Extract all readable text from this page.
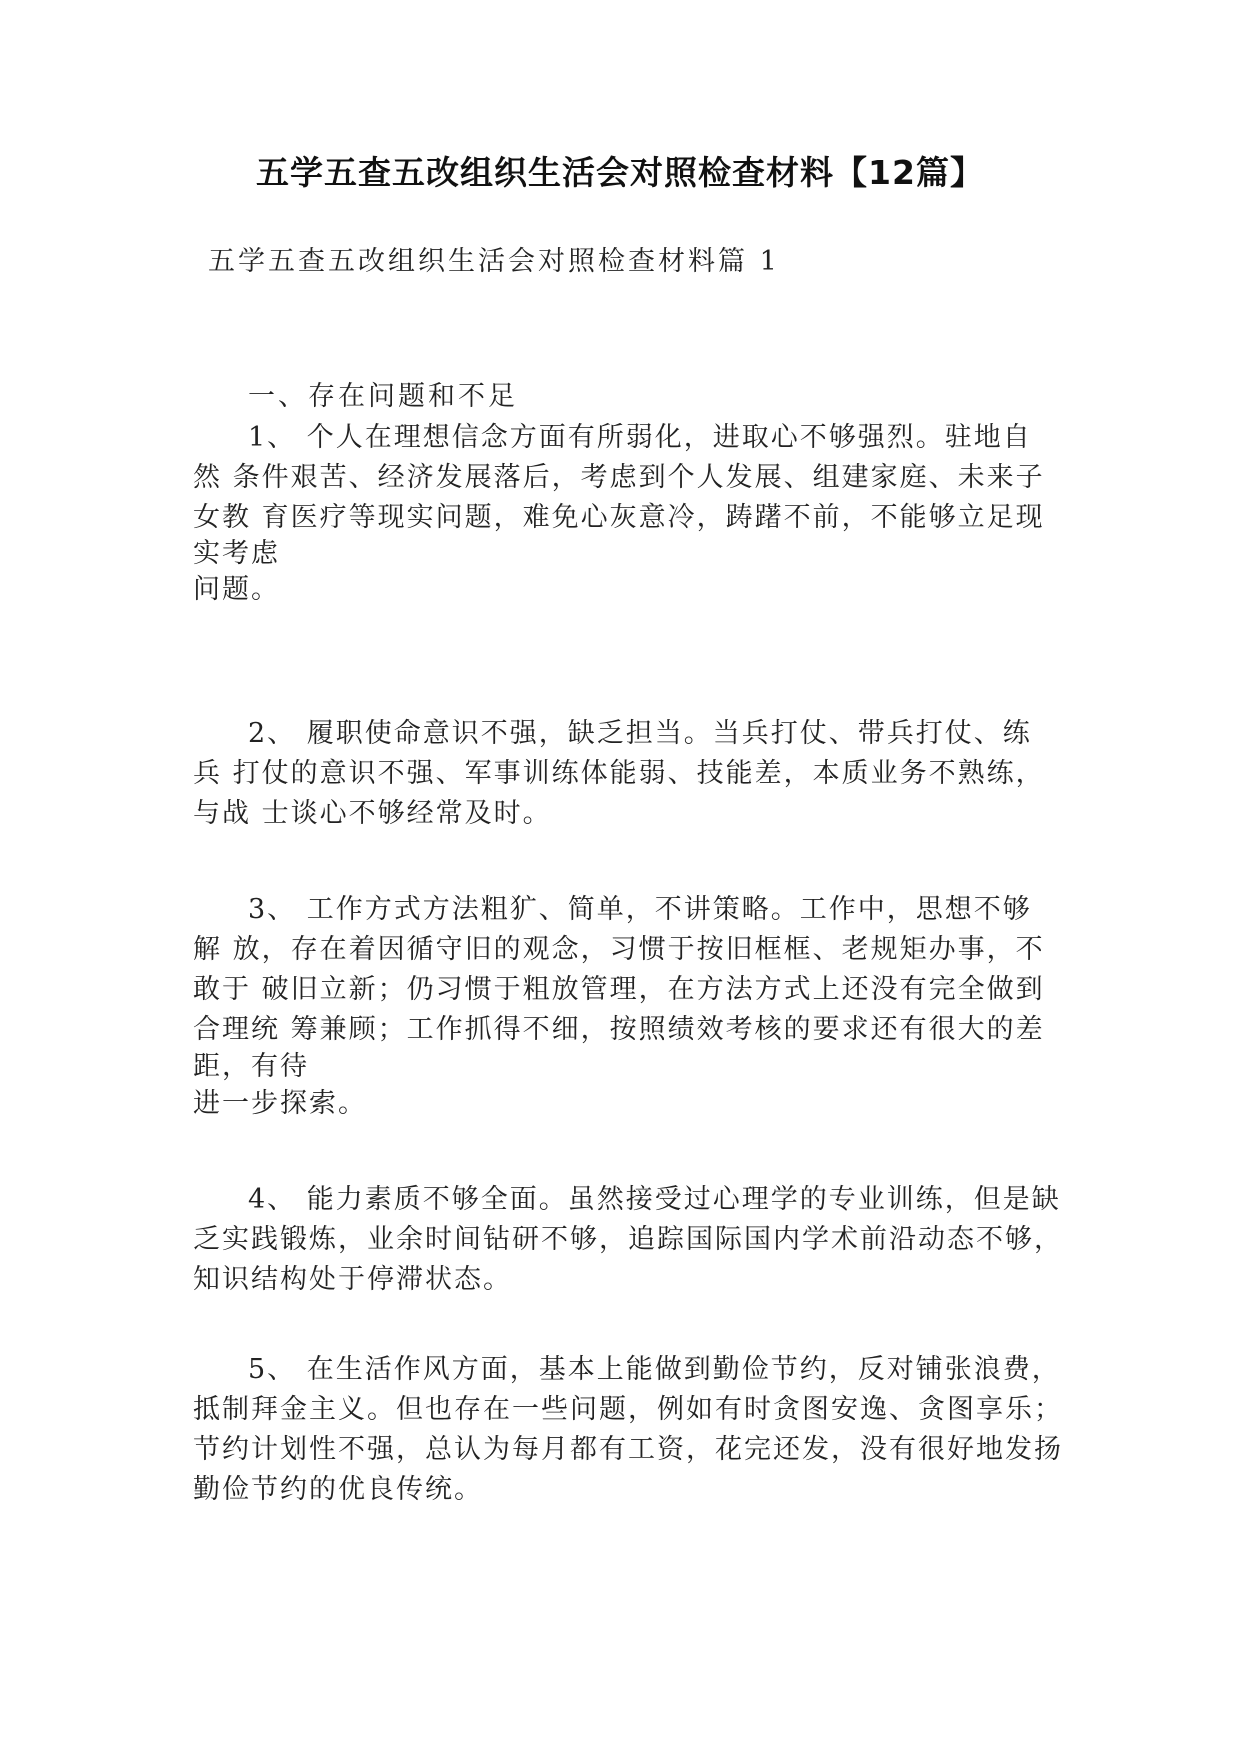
五学五查五改组织生活会对照检查材料【12篇】
五学五查五改组织生活会对照检查材料篇 1
一、存在问题和不足
1、 个人在理想信念方面有所弱化，进取心不够强烈。驻地自
然 条件艰苦、经济发展落后，考虑到个人发展、组建家庭、未来子
女教 育医疗等现实问题，难免心灰意冷，踌躇不前，不能够立足现
实考虑
问题。
2、 履职使命意识不强，缺乏担当。当兵打仗、带兵打仗、练
兵 打仗的意识不强、军事训练体能弱、技能差，本质业务不熟练，
与战 士谈心不够经常及时。
3、 工作方式方法粗犷、简单，不讲策略。工作中，思想不够
解 放，存在着因循守旧的观念，习惯于按旧框框、老规矩办事，不
敢于 破旧立新；仍习惯于粗放管理，在方法方式上还没有完全做到
合理统 筹兼顾；工作抓得不细，按照绩效考核的要求还有很大的差
距，有待
进一步探索。
4、 能力素质不够全面。虽然接受过心理学的专业训练，但是缺
乏实践锻炼，业余时间钻研不够，追踪国际国内学术前沿动态不够，
知识结构处于停滞状态。
5、 在生活作风方面，基本上能做到勤俭节约，反对铺张浪费，
抵制拜金主义。但也存在一些问题，例如有时贪图安逸、贪图享乐；
节约计划性不强，总认为每月都有工资，花完还发，没有很好地发扬
勤俭节约的优良传统。
